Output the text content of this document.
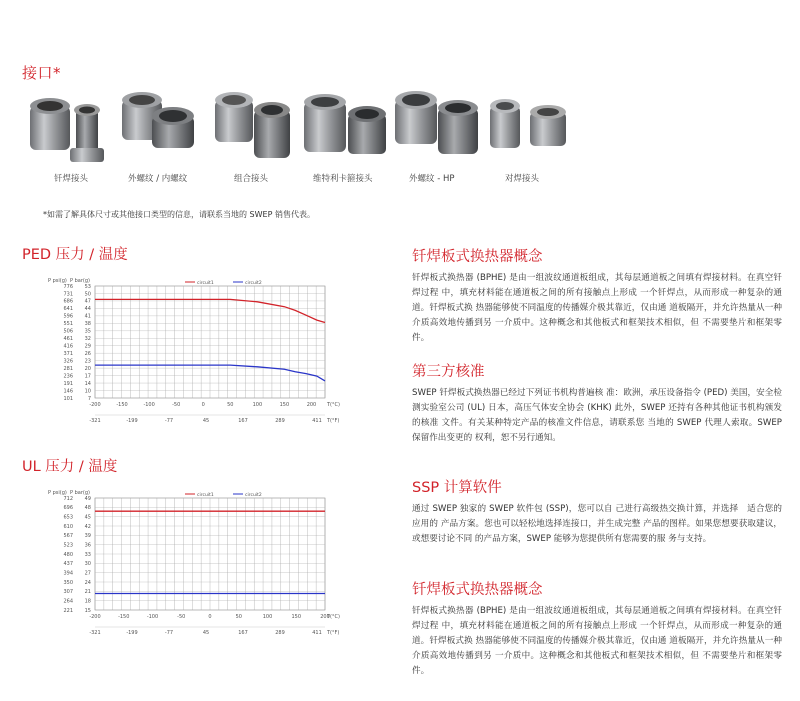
接口*
钎焊接头	外螺纹 / 内螺纹	组合接头	维特利卡箍接头	外螺纹 - HP	对焊接头
*如需了解具体尺寸或其他接口类型的信息，请联系当地的 SWEP 销售代表。
PED 压力 / 温度
P psi(g) P bar(g)	circuit1	circuit2
53
776
50
731
47
686
44
641
41
596
38
551
35
506
32
461
29
416
26
371
23
326
20
281
17
236
14
191
10
146
7
101
-200	-150	-100	-50	0	50	100	150	200 T(°C)
-321	-199	-77	45	167	289	411 T(°F)
UL 压力 / 温度
P psi(g) P bar(g)	circuit1	circuit2
49
712
48
696
45
653
42
610
39
567
36
523
33
480
30
437
27
394
24
350
21
307
18
264
15
221
-200	-150	-100	-50	0	50	100	150	200
T(°C)
-321	-199	-77	45	167	289	411 T(°F)
钎焊板式换热器概念
钎焊板式换热器 (BPHE) 是由一组波纹通道板组成，其每层通道板之间填有焊接材料。在真空钎焊过程 中，填充材料能在通道板之间的所有接触点上形成 一个钎焊点，从而形成一种复杂的通道。钎焊板式换 热器能够使不同温度的传播媒介极其靠近，仅由通 道板隔开，并允许热量从一种介质高效地传播到另 一介质中。这种概念和其他板式和框架技术相似，但 不需要垫片和框架零件。
第三方核准
SWEP 钎焊板式换热器已经过下列证书机构普遍核 准：欧洲，承压设备指令 (PED) 美国，安全检测实验室公司 (UL) 日本，高压气体安全协会 (KHK) 此外，SWEP 还持有各种其他证书机构颁发的核准 文件。有关某种特定产品的核准文件信息，请联系您 当地的 SWEP 代理人索取。SWEP 保留作出变更的 权利，恕不另行通知。
SSP 计算软件
通过 SWEP 独家的 SWEP 软件包 (SSP)，您可以自 己进行高级热交换计算，并选择　适合您的应用的 产品方案。您也可以轻松地选择连接口，并生成完整 产品的图样。如果您想要获取建议，或想要讨论不同 的产品方案，SWEP 能够为您提供所有您需要的服 务与支持。
钎焊板式换热器概念
钎焊板式换热器 (BPHE) 是由一组波纹通道板组成，其每层通道板之间填有焊接材料。在真空钎焊过程 中，填充材料能在通道板之间的所有接触点上形成 一个钎焊点，从而形成一种复杂的通道。钎焊板式换 热器能够使不同温度的传播媒介极其靠近，仅由通 道板隔开，并允许热量从一种介质高效地传播到另 一介质中。这种概念和其他板式和框架技术相似，但 不需要垫片和框架零件。
